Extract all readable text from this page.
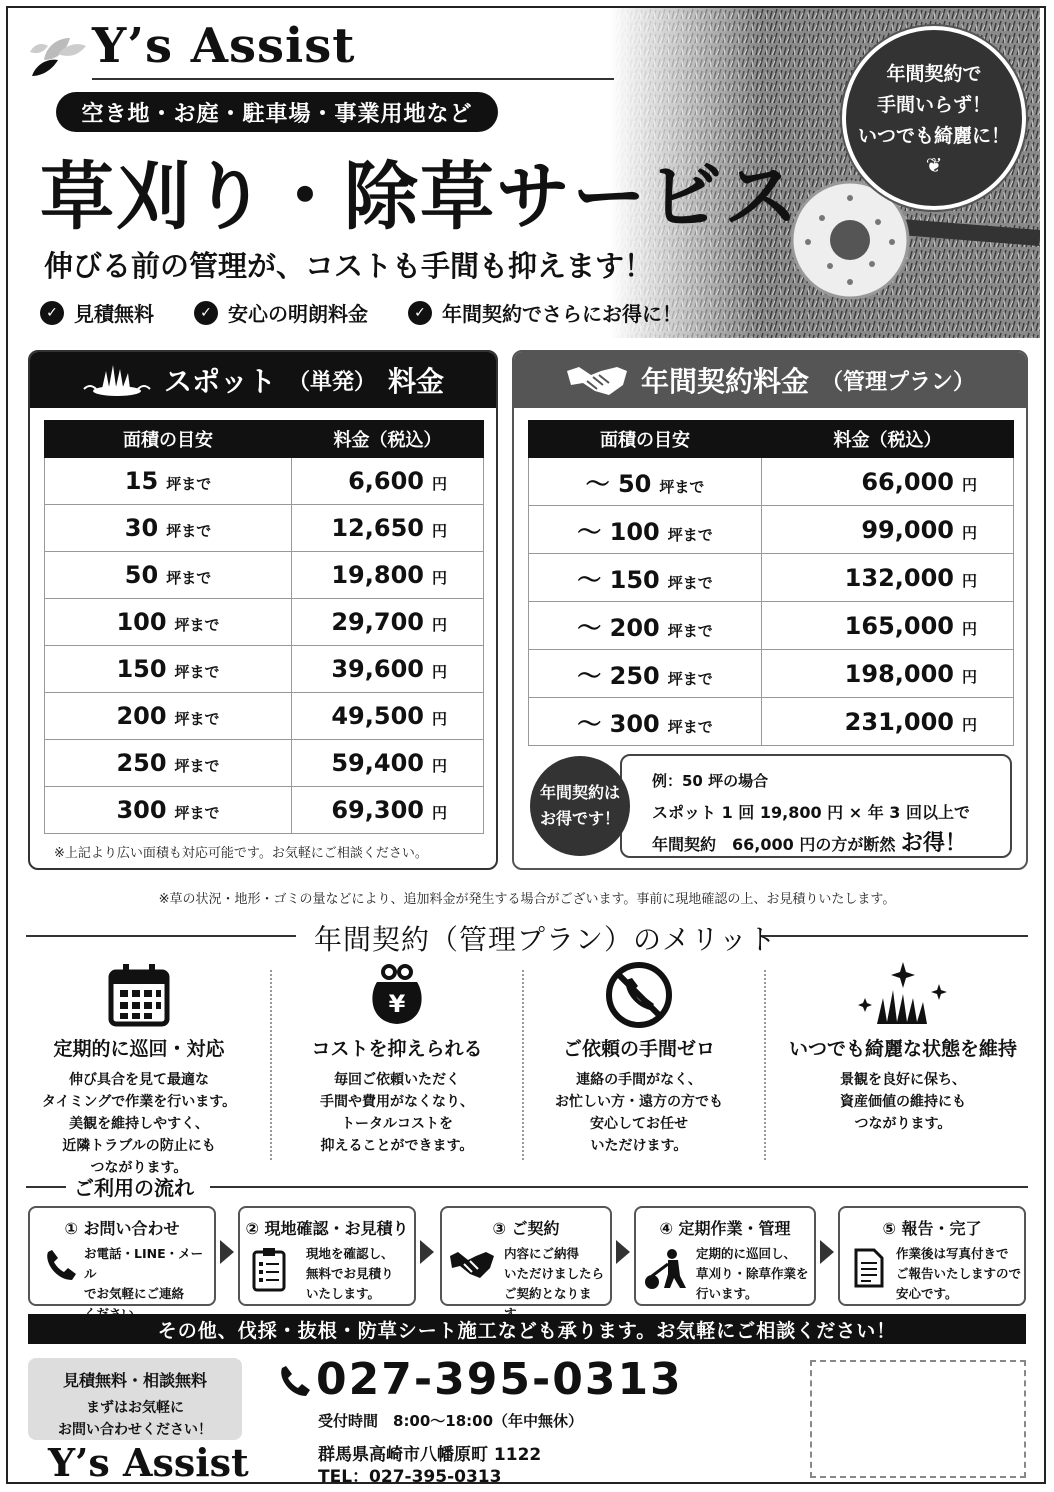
年間契約で
手間いらず！
いつでも綺麗に！
❦
Y’s Assist
空き地・お庭・駐車場・事業用地など
草刈り・除草サービス
伸びる前の管理が、コストも手間も抑えます！
✓ 見積無料	✓ 安心の明朗料金	✓ 年間契約でさらにお得に！
スポット （単発） 料金
面積の目安	料金（税込）
15 坪まで	6,600 円
30 坪まで	12,650 円
50 坪まで	19,800 円
100 坪まで	29,700 円
150 坪まで	39,600 円
200 坪まで	49,500 円
250 坪まで	59,400 円
300 坪まで	69,300 円
※上記より広い面積も対応可能です。お気軽にご相談ください。
年間契約料金 （管理プラン）
面積の目安	料金（税込）
～ 50 坪まで	66,000 円
～ 100 坪まで	99,000 円
～ 150 坪まで	132,000 円
～ 200 坪まで	165,000 円
～ 250 坪まで	198,000 円
～ 300 坪まで	231,000 円
例：50 坪の場合
スポット 1 回 19,800 円 × 年 3 回以上で
年間契約　66,000 円の方が断然 お得！
年間契約は
お得です！
※草の状況・地形・ゴミの量などにより、追加料金が発生する場合がございます。事前に現地確認の上、お見積りいたします。
年間契約（管理プラン）のメリット
定期的に巡回・対応

伸び具合を見て最適な
タイミングで作業を行います。
美観を維持しやすく、
近隣トラブルの防止にも
つながります。

¥
コストを抑えられる

毎回ご依頼いただく
手間や費用がなくなり、
トータルコストを
抑えることができます。

ご依頼の手間ゼロ

連絡の手間がなく、
お忙しい方・遠方の方でも
安心してお任せ
いただけます。

いつでも綺麗な状態を維持

景観を良好に保ち、
資産価値の維持にも
つながります。

ご利用の流れ
① お問い合わせ
お電話・LINE・メール
でお気軽にご連絡

② 現地確認・お見積り
現地を確認し、
無料でお見積り
いたします。
③ ご契約
内容にご納得
いただけましたら
ご契約となりま
④ 定期作業・管理
定期的に巡回し、
草刈り・除草作業を
行います。
⑤ 報告・完了
作業後は写真付きで
ご報告いたしますので
安心です。
その他、伐採・抜根・防草シート施工なども承ります。お気軽にご相談ください！
見積無料・相談無料
まずはお気軽に
お問い合わせください！
Y’s Assist
027-395-0313
受付時間　8:00～18:00（年中無休）
群馬県高崎市八幡原町 1122
TEL：027-395-0313
